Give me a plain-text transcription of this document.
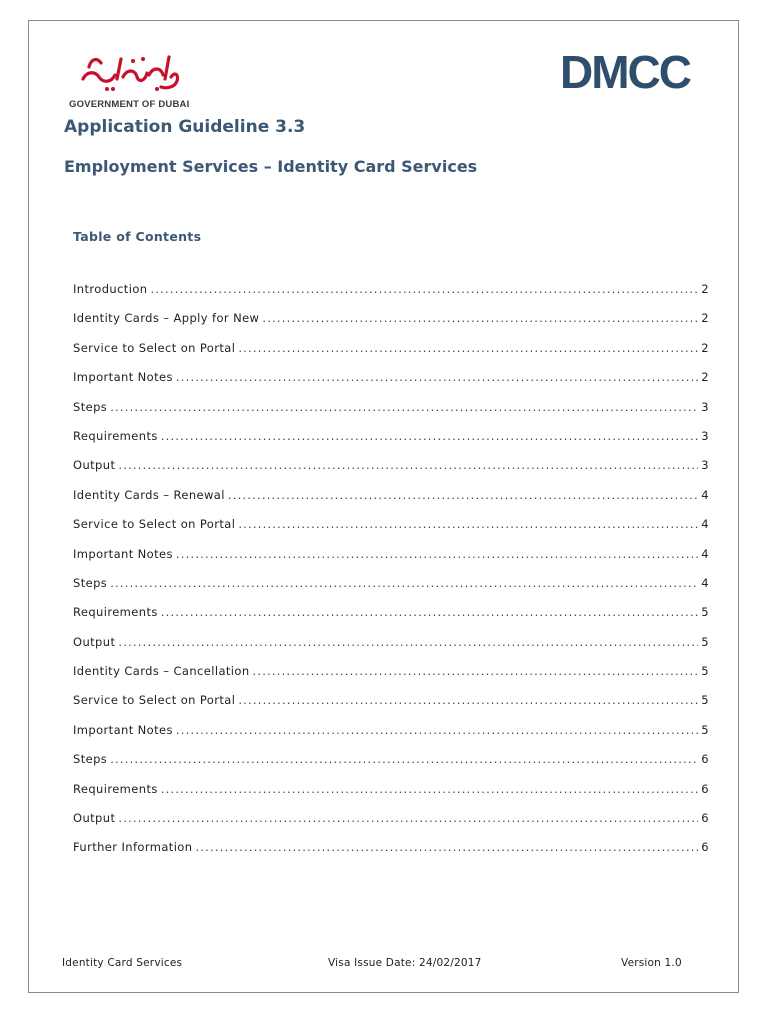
GOVERNMENT OF DUBAI
DMCC
Application Guideline 3.3
Employment Services – Identity Card Services
Table of Contents
Introduction .....	2
Identity Cards – Apply for New .....	2
Service to Select on Portal .....	2
Important Notes .....	2
Steps .....	3
Requirements .....	3
Output .....	3
Identity Cards – Renewal .....	4
Service to Select on Portal .....	4
Important Notes .....	4
Steps .....	4
Requirements .....	5
Output .....	5
Identity Cards – Cancellation .....	5
Service to Select on Portal .....	5
Important Notes .....	5
Steps .....	6
Requirements .....	6
Output .....	6
Further Information .....	6
Identity Card Services	Visa Issue Date: 24/02/2017	Version 1.0
